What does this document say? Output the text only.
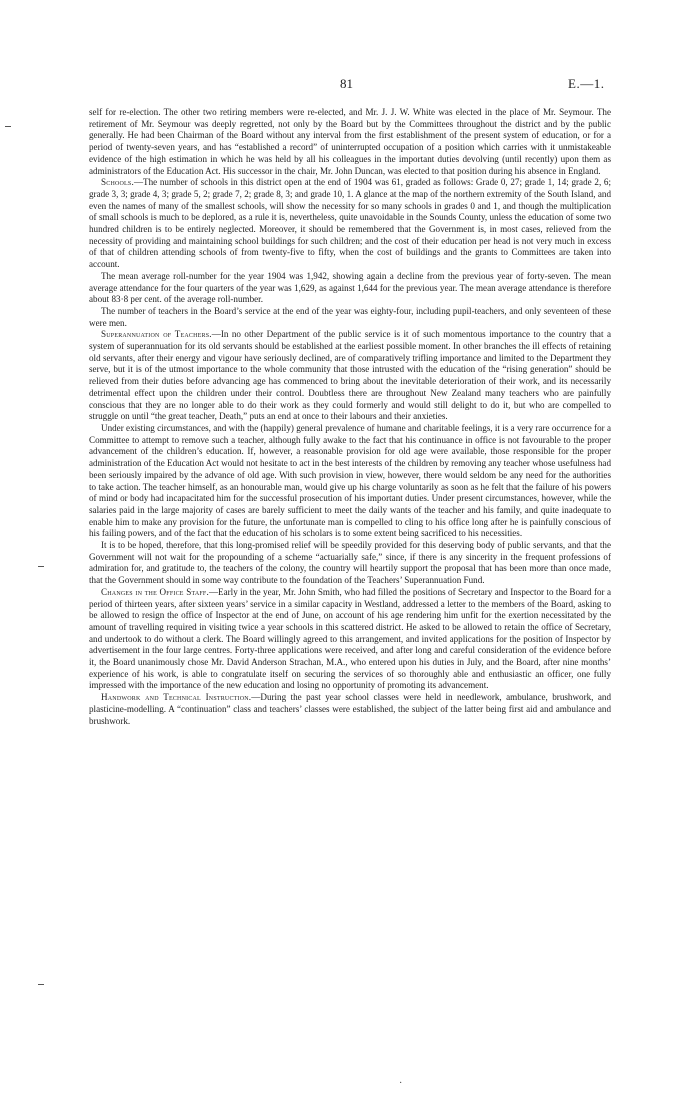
81	E.—1.

self for re-election. The other two retiring members were re-elected, and Mr. J. J. W. White was elected in the place of Mr. Seymour. The retirement of Mr. Seymour was deeply regretted, not only by the Board but by the Committees throughout the district and by the public generally. He had been Chairman of the Board without any interval from the first establishment of the present system of education, or for a period of twenty-seven years, and has “established a record” of uninterrupted occupation of a position which carries with it unmistakeable evidence of the high estimation in which he was held by all his colleagues in the important duties devolving (until recently) upon them as administrators of the Education Act. His successor in the chair, Mr. John Duncan, was elected to that position during his absence in England.

Schools.—The number of schools in this district open at the end of 1904 was 61, graded as follows: Grade 0, 27; grade 1, 14; grade 2, 6; grade 3, 3; grade 4, 3; grade 5, 2; grade 7, 2; grade 8, 3; and grade 10, 1. A glance at the map of the northern extremity of the South Island, and even the names of many of the smallest schools, will show the necessity for so many schools in grades 0 and 1, and though the multiplication of small schools is much to be deplored, as a rule it is, nevertheless, quite unavoidable in the Sounds County, unless the education of some two hundred children is to be entirely neglected. Moreover, it should be remembered that the Government is, in most cases, relieved from the necessity of providing and maintaining school buildings for such children; and the cost of their education per head is not very much in excess of that of children attending schools of from twenty-five to fifty, when the cost of buildings and the grants to Committees are taken into account.

The mean average roll-number for the year 1904 was 1,942, showing again a decline from the previous year of forty-seven. The mean average attendance for the four quarters of the year was 1,629, as against 1,644 for the previous year. The mean average attendance is therefore about 83·8 per cent. of the average roll-number.

The number of teachers in the Board’s service at the end of the year was eighty-four, including pupil-teachers, and only seventeen of these were men.

Superannuation of Teachers.—In no other Department of the public service is it of such momentous importance to the country that a system of superannuation for its old servants should be established at the earliest possible moment. In other branches the ill effects of retaining old servants, after their energy and vigour have seriously declined, are of comparatively trifling importance and limited to the Department they serve, but it is of the utmost importance to the whole community that those intrusted with the education of the “rising generation” should be relieved from their duties before advancing age has commenced to bring about the inevitable deterioration of their work, and its necessarily detrimental effect upon the children under their control. Doubtless there are throughout New Zealand many teachers who are painfully conscious that they are no longer able to do their work as they could formerly and would still delight to do it, but who are compelled to struggle on until “the great teacher, Death,” puts an end at once to their labours and their anxieties.

Under existing circumstances, and with the (happily) general prevalence of humane and charitable feelings, it is a very rare occurrence for a Committee to attempt to remove such a teacher, although fully awake to the fact that his continuance in office is not favourable to the proper advancement of the children’s education. If, however, a reasonable provision for old age were available, those responsible for the proper administration of the Education Act would not hesitate to act in the best interests of the children by removing any teacher whose usefulness had been seriously impaired by the advance of old age. With such provision in view, however, there would seldom be any need for the authorities to take action. The teacher himself, as an honourable man, would give up his charge voluntarily as soon as he felt that the failure of his powers of mind or body had incapacitated him for the successful prosecution of his important duties. Under present circumstances, however, while the salaries paid in the large majority of cases are barely sufficient to meet the daily wants of the teacher and his family, and quite inadequate to enable him to make any provision for the future, the unfortunate man is compelled to cling to his office long after he is painfully conscious of his failing powers, and of the fact that the education of his scholars is to some extent being sacrificed to his necessities.

It is to be hoped, therefore, that this long-promised relief will be speedily provided for this deserving body of public servants, and that the Government will not wait for the propounding of a scheme “actuarially safe,” since, if there is any sincerity in the frequent professions of admiration for, and gratitude to, the teachers of the colony, the country will heartily support the proposal that has been more than once made, that the Government should in some way contribute to the foundation of the Teachers’ Superannuation Fund.

Changes in the Office Staff.—Early in the year, Mr. John Smith, who had filled the positions of Secretary and Inspector to the Board for a period of thirteen years, after sixteen years’ service in a similar capacity in Westland, addressed a letter to the members of the Board, asking to be allowed to resign the office of Inspector at the end of June, on account of his age rendering him unfit for the exertion necessitated by the amount of travelling required in visiting twice a year schools in this scattered district. He asked to be allowed to retain the office of Secretary, and undertook to do without a clerk. The Board willingly agreed to this arrangement, and invited applications for the position of Inspector by advertisement in the four large centres. Forty-three applications were received, and after long and careful consideration of the evidence before it, the Board unanimously chose Mr. David Anderson Strachan, M.A., who entered upon his duties in July, and the Board, after nine months’ experience of his work, is able to congratulate itself on securing the services of so thoroughly able and enthusiastic an officer, one fully impressed with the importance of the new education and losing no opportunity of promoting its advancement.

Handwork and Technical Instruction.—During the past year school classes were held in needlework, ambulance, brushwork, and plasticine-modelling. A “continuation” class and teachers’ classes were established, the subject of the latter being first aid and ambulance and brushwork.

·
